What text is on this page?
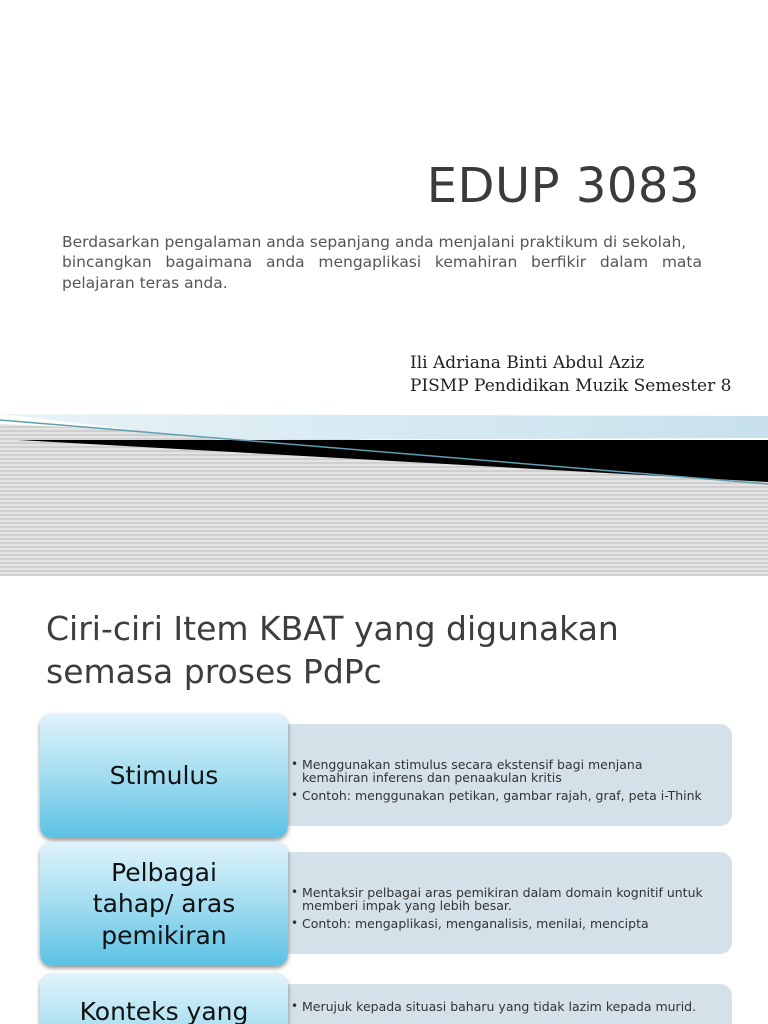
EDUP 3083

Berdasarkan pengalaman anda sepanjang anda menjalani praktikum di sekolah,

bincangkan bagaimana anda mengaplikasi kemahiran berfikir dalam mata pelajaran teras anda.

Ili Adriana Binti Abdul Aziz
PISMP Pendidikan Muzik Semester 8
Ciri-ciri Item KBAT yang digunakan semasa proses PdPc
• Menggunakan stimulus secara ekstensif bagi menjana kemahiran inferens dan penaakulan kritis
• Contoh: menggunakan petikan, gambar rajah, graf, peta i-Think
Stimulus
• Mentaksir pelbagai aras pemikiran dalam domain kognitif untuk memberi impak yang lebih besar.
• Contoh: mengaplikasi, menganalisis, menilai, mencipta
Pelbagai tahap/ aras pemikiran
• Merujuk kepada situasi baharu yang tidak lazim kepada murid.
Konteks yang
